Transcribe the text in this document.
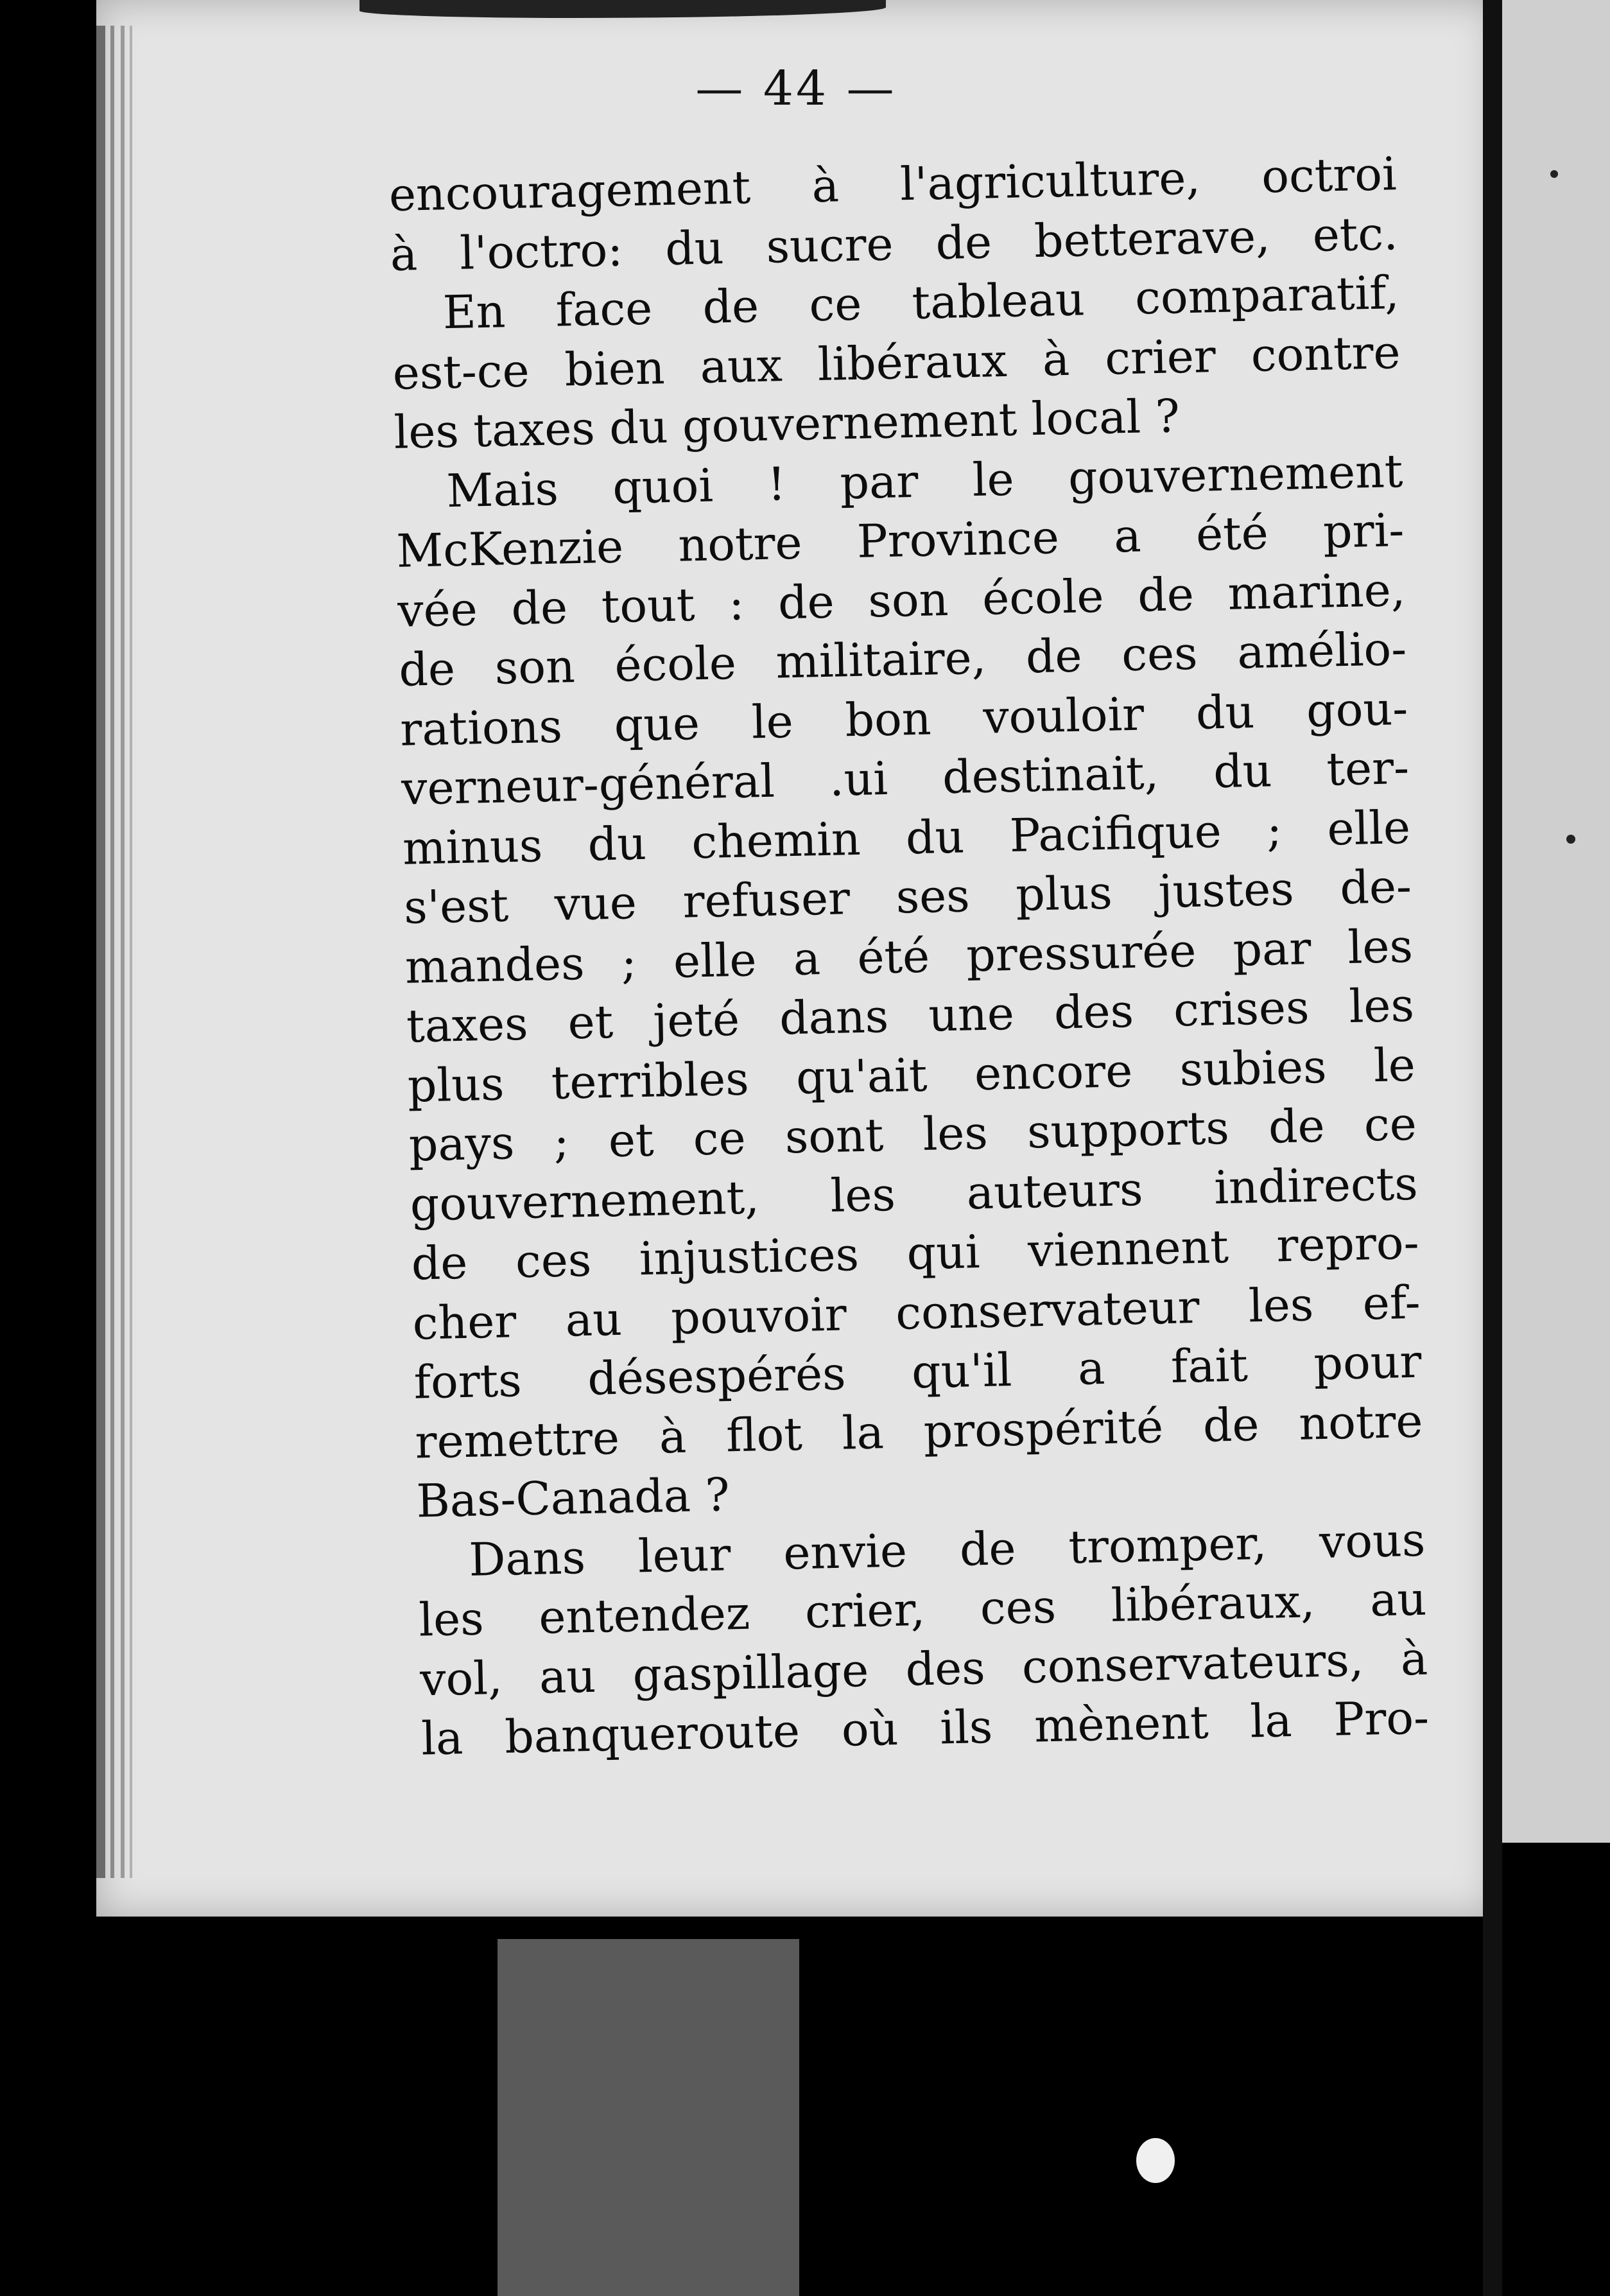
— 44 —
encouragement à l'agriculture, octroi
à l'octro: du sucre de betterave, etc.
En face de ce tableau comparatif,
est-ce bien aux libéraux à crier contre
les taxes du gouvernement local ?
Mais quoi ! par le gouvernement
McKenzie notre Province a été pri-
vée de tout : de son école de marine,
de son école militaire, de ces amélio-
rations que le bon vouloir du gou-
verneur-général .ui destinait, du ter-
minus du chemin du Pacifique ; elle
s'est vue refuser ses plus justes de-
mandes ; elle a été pressurée par les
taxes et jeté dans une des crises les
plus terribles qu'ait encore subies le
pays ; et ce sont les supports de ce
gouvernement, les auteurs indirects
de ces injustices qui viennent repro-
cher au pouvoir conservateur les ef-
forts désespérés qu'il a fait pour
remettre à flot la prospérité de notre
Bas-Canada ?
Dans leur envie de tromper, vous
les entendez crier, ces libéraux, au
vol, au gaspillage des conservateurs, à
la banqueroute où ils mènent la Pro-
